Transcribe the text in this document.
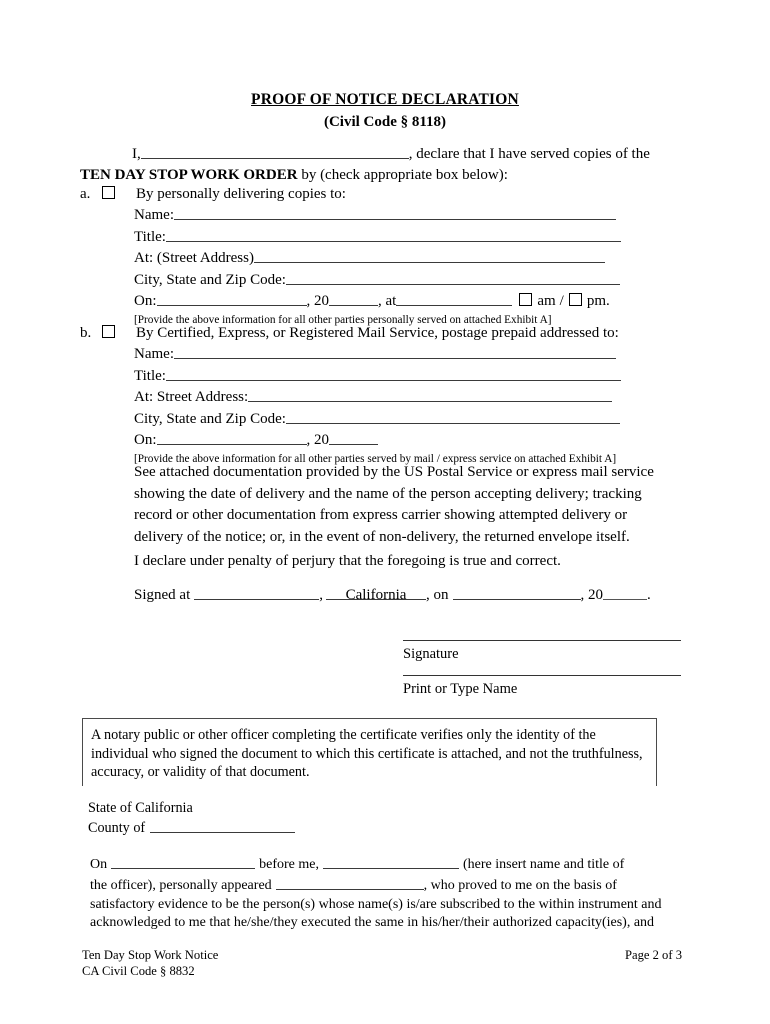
PROOF OF NOTICE DECLARATION
(Civil Code § 8118)
I,	, declare that I have served copies of the
TEN DAY STOP WORK ORDER by (check appropriate box below):
a.	By personally delivering copies to:
Name:
Title:
At: (Street Address)
City, State and Zip Code:
On:	, 20	, at	am / pm.
[Provide the above information for all other parties personally served on attached Exhibit A]
b.	By Certified, Express, or Registered Mail Service, postage prepaid addressed to:
Name:
Title:
At: Street Address:
City, State and Zip Code:
On:	, 20
[Provide the above information for all other parties served by mail / express service on attached Exhibit A]
See attached documentation provided by the US Postal Service or express mail service showing the date of delivery and the name of the person accepting delivery; tracking record or other documentation from express carrier showing attempted delivery or delivery of the notice; or, in the event of non-delivery, the returned envelope itself.
I declare under penalty of perjury that the foregoing is true and correct.
Signed at	, California , on	, 20	.
Signature
Print or Type Name
A notary public or other officer completing the certificate verifies only the identity of the individual who signed the document to which this certificate is attached, and not the truthfulness, accuracy, or validity of that document.
State of California
County of
On	before me,	(here insert name and title of
the officer), personally appeared	, who proved to me on the basis of
satisfactory evidence to be the person(s) whose name(s) is/are subscribed to the within instrument and
acknowledged to me that he/she/they executed the same in his/her/their authorized capacity(ies), and
Ten Day Stop Work Notice
CA Civil Code § 8832
Page 2 of 3
